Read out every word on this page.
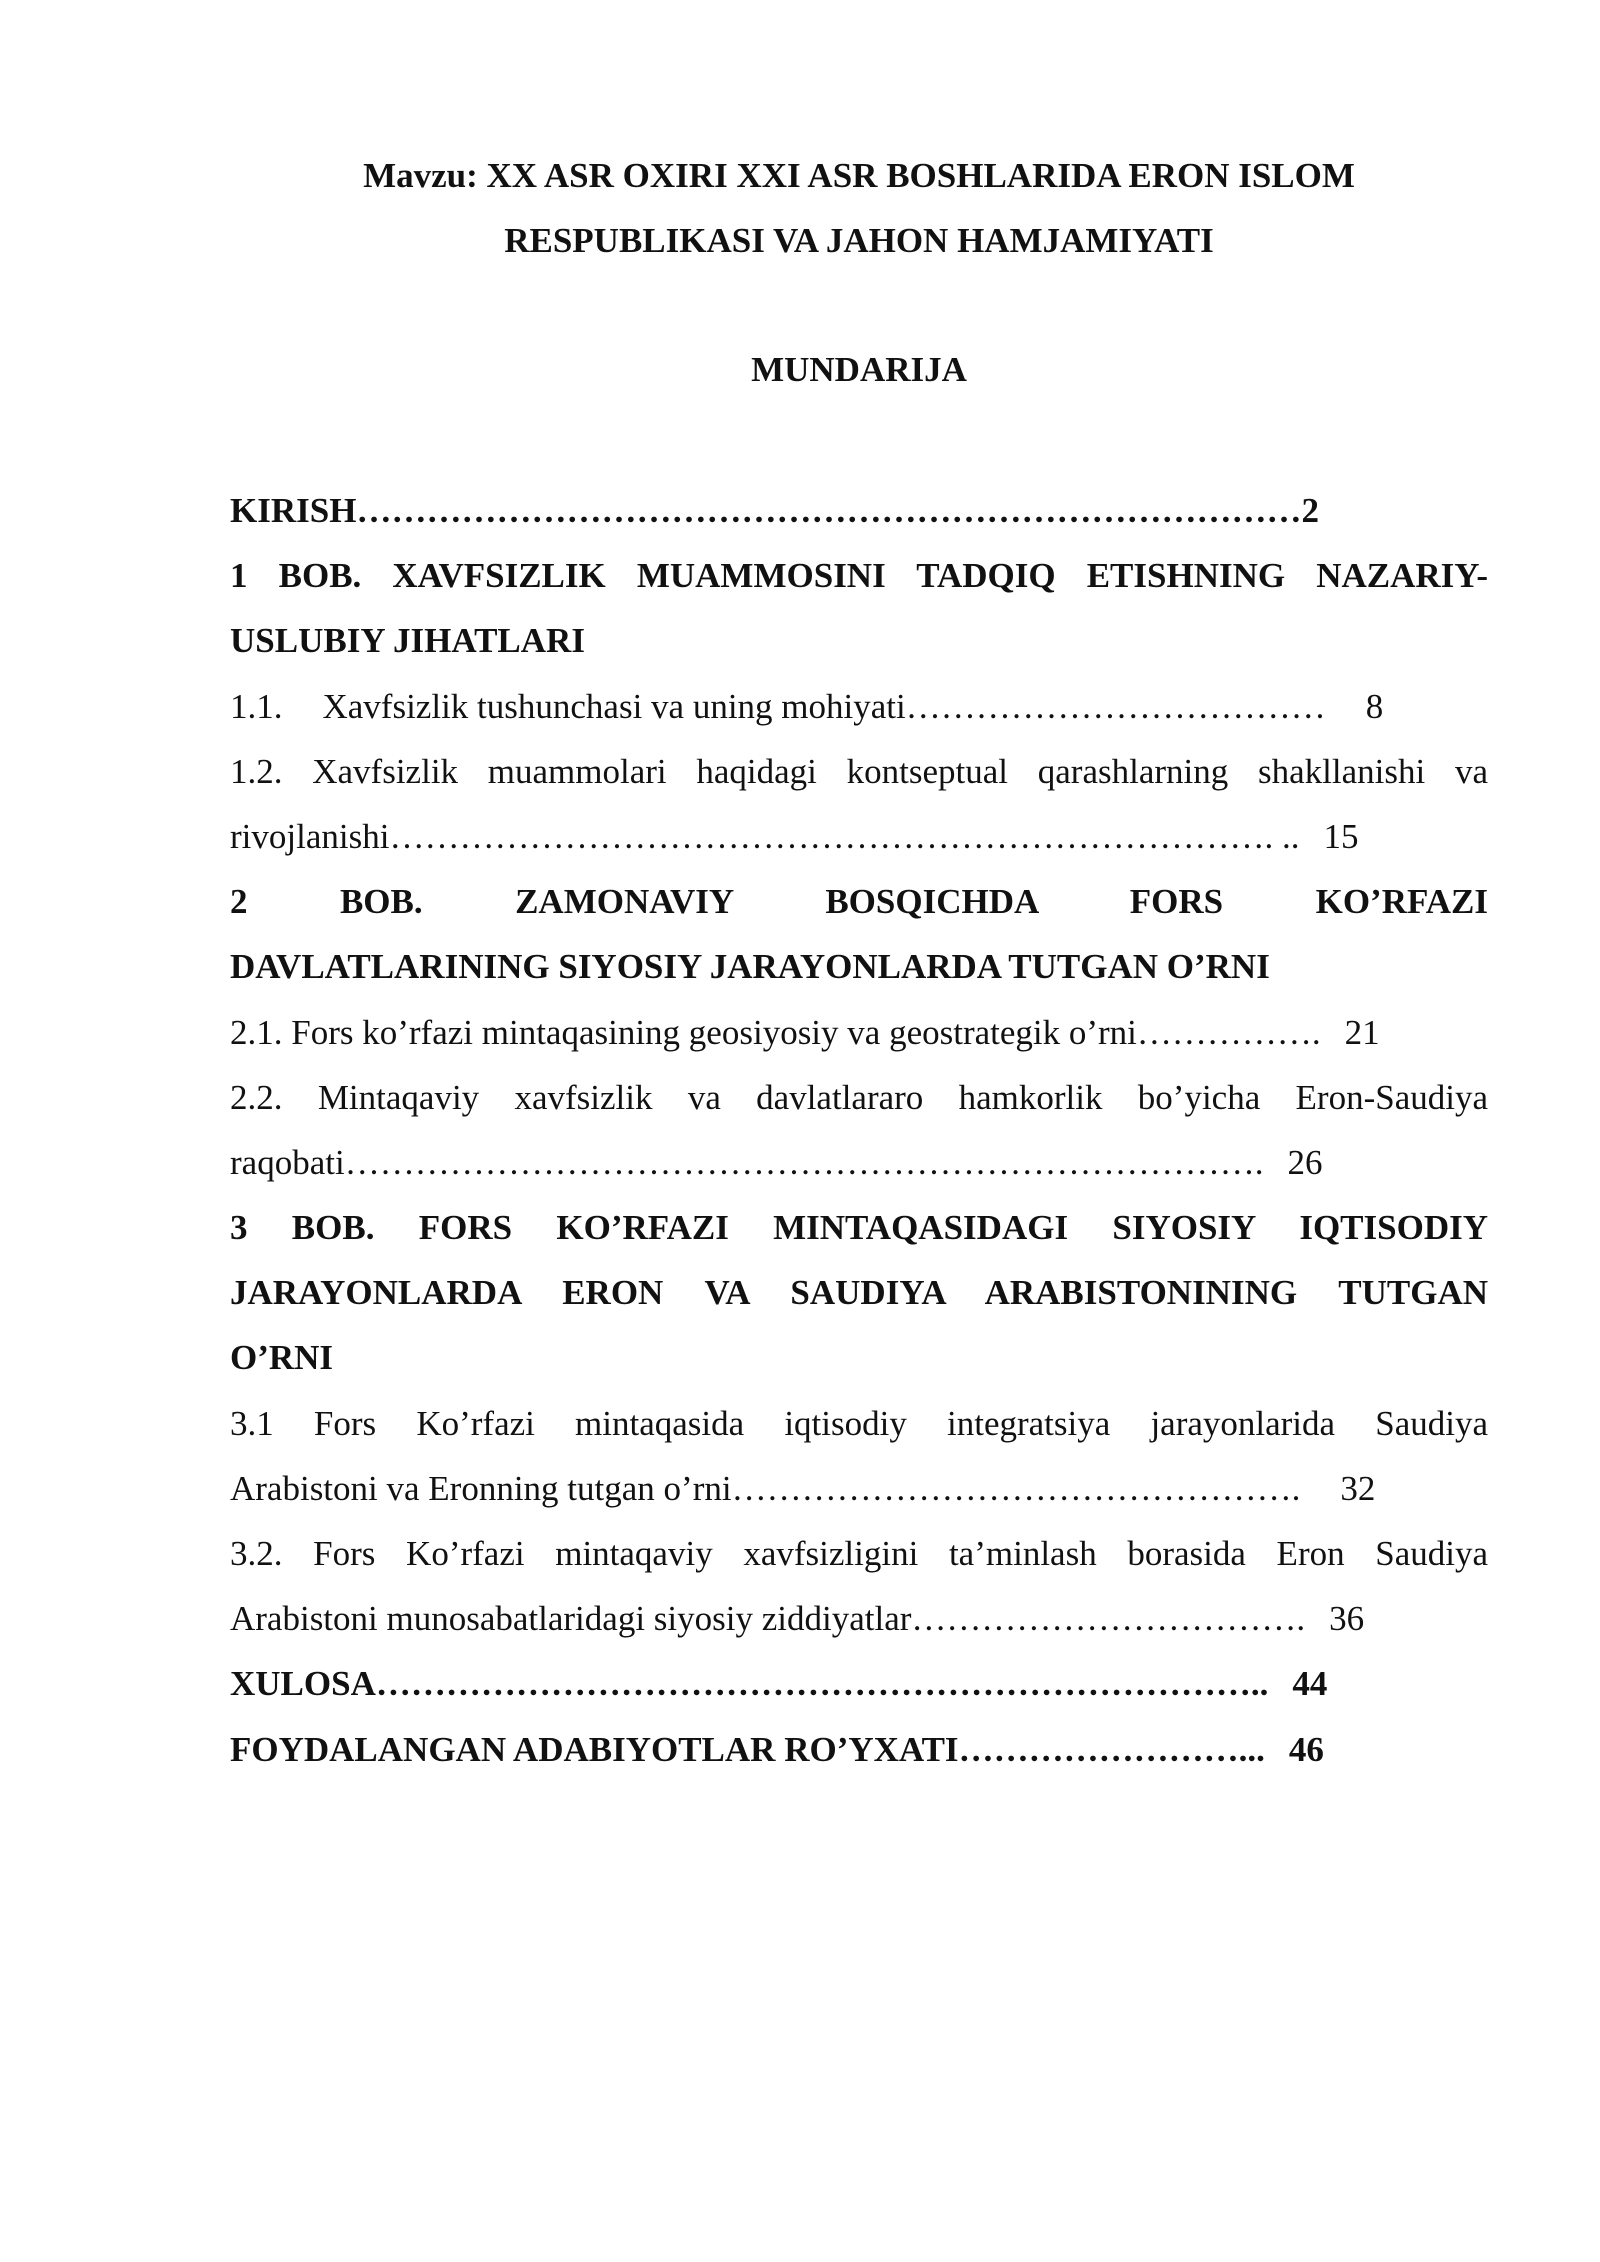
Mavzu: XX ASR OXIRI XXI ASR BOSHLARIDA ERON ISLOM
RESPUBLIKASI VA JAHON HAMJAMIYATI
MUNDARIJA
KIRISH………………………………………………………………………2
1 BOB. XAVFSIZLIK MUAMMOSINI TADQIQ ETISHNING NAZARIY-
USLUBIY JIHATLARI
1.1. Xavfsizlik tushunchasi va uning mohiyati……………………………… 8
1.2. Xavfsizlik muammolari haqidagi kontseptual qarashlarning shakllanishi va
rivojlanishi…………………………………………………………………. .. 15
2 BOB. ZAMONAVIY BOSQICHDA FORS KO’RFAZI
DAVLATLARINING SIYOSIY JARAYONLARDA TUTGAN O’RNI
2.1. Fors ko’rfazi mintaqasining geosiyosiy va geostrategik o’rni……………. 21
2.2. Mintaqaviy xavfsizlik va davlatlararo hamkorlik bo’yicha Eron-Saudiya
raqobati……………………………………………………………………. 26
3 BOB. FORS KO’RFAZI MINTAQASIDAGI SIYOSIY IQTISODIY
JARAYONLARDA ERON VA SAUDIYA ARABISTONINING TUTGAN
O’RNI
3.1 Fors Ko’rfazi mintaqasida iqtisodiy integratsiya jarayonlarida Saudiya
Arabistoni va Eronning tutgan o’rni…………………………………………. 32
3.2. Fors Ko’rfazi mintaqaviy xavfsizligini ta’minlash borasida Eron Saudiya
Arabistoni munosabatlaridagi siyosiy ziddiyatlar……………………………. 36
XULOSA………………………………………………………………….. 44
FOYDALANGAN ADABIYOTLAR RO’YXATI……………………... 46
